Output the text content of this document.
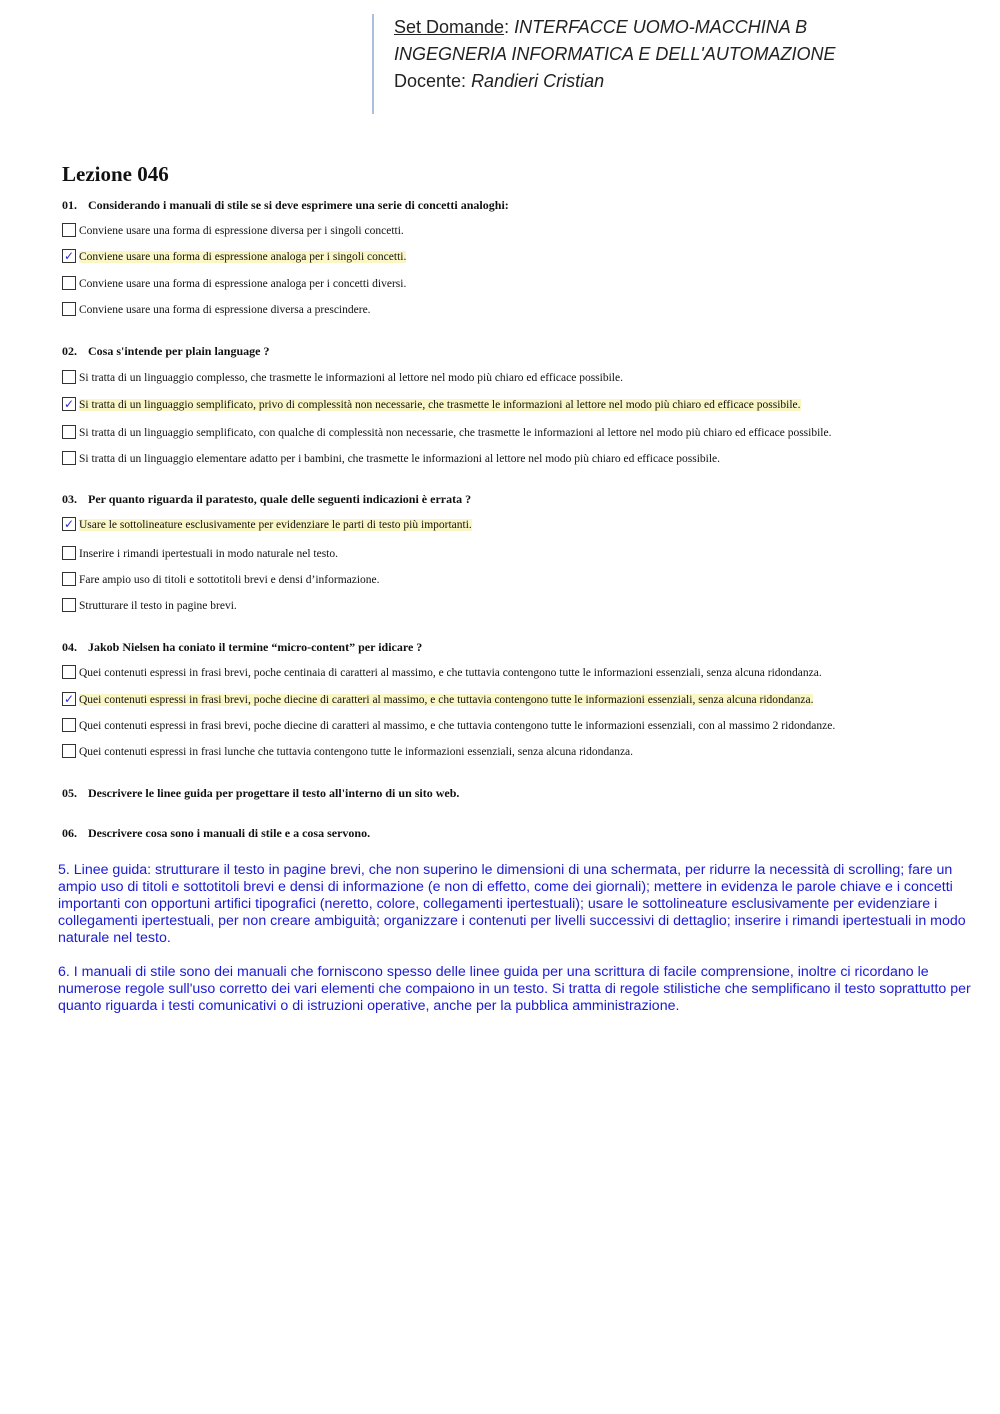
Set Domande: INTERFACCE UOMO-MACCHINA B
INGEGNERIA INFORMATICA E DELL'AUTOMAZIONE
Docente: Randieri Cristian
Lezione 046
01. Considerando i manuali di stile se si deve esprimere una serie di concetti analoghi:
Conviene usare una forma di espressione diversa per i singoli concetti.
✓ Conviene usare una forma di espressione analoga per i singoli concetti.
Conviene usare una forma di espressione analoga per i concetti diversi.
Conviene usare una forma di espressione diversa a prescindere.
02. Cosa s'intende per plain language ?
Si tratta di un linguaggio complesso, che trasmette le informazioni al lettore nel modo più chiaro ed efficace possibile.
✓ Si tratta di un linguaggio semplificato, privo di complessità non necessarie, che trasmette le informazioni al lettore nel modo più chiaro ed efficace possibile.
Si tratta di un linguaggio semplificato, con qualche di complessità non necessarie, che trasmette le informazioni al lettore nel modo più chiaro ed efficace possibile.
Si tratta di un linguaggio elementare adatto per i bambini, che trasmette le informazioni al lettore nel modo più chiaro ed efficace possibile.
03. Per quanto riguarda il paratesto, quale delle seguenti indicazioni è errata ?
✓ Usare le sottolineature esclusivamente per evidenziare le parti di testo più importanti.
Inserire i rimandi ipertestuali in modo naturale nel testo.
Fare ampio uso di titoli e sottotitoli brevi e densi d’informazione.
Strutturare il testo in pagine brevi.
04. Jakob Nielsen ha coniato il termine “micro-content” per idicare ?
Quei contenuti espressi in frasi brevi, poche centinaia di caratteri al massimo, e che tuttavia contengono tutte le informazioni essenziali, senza alcuna ridondanza.
✓ Quei contenuti espressi in frasi brevi, poche diecine di caratteri al massimo, e che tuttavia contengono tutte le informazioni essenziali, senza alcuna ridondanza.
Quei contenuti espressi in frasi brevi, poche diecine di caratteri al massimo, e che tuttavia contengono tutte le informazioni essenziali, con al massimo 2 ridondanze.
Quei contenuti espressi in frasi lunche che tuttavia contengono tutte le informazioni essenziali, senza alcuna ridondanza.
05. Descrivere le linee guida per progettare il testo all'interno di un sito web.
06. Descrivere cosa sono i manuali di stile e a cosa servono.

5. Linee guida: strutturare il testo in pagine brevi, che non superino le dimensioni di una schermata, per ridurre la necessità di scrolling; fare un ampio uso di titoli e sottotitoli brevi e densi di informazione (e non di effetto, come dei giornali); mettere in evidenza le parole chiave e i concetti importanti con opportuni artifici tipografici (neretto, colore, collegamenti ipertestuali); usare le sottolineature esclusivamente per evidenziare i collegamenti ipertestuali, per non creare ambiguità; organizzare i contenuti per livelli successivi di dettaglio; inserire i rimandi ipertestuali in modo naturale nel testo.

6. I manuali di stile sono dei manuali che forniscono spesso delle linee guida per una scrittura di facile comprensione, inoltre ci ricordano le numerose regole sull'uso corretto dei vari elementi che compaiono in un testo. Si tratta di regole stilistiche che semplificano il testo soprattutto per quanto riguarda i testi comunicativi o di istruzioni operative, anche per la pubblica amministrazione.
